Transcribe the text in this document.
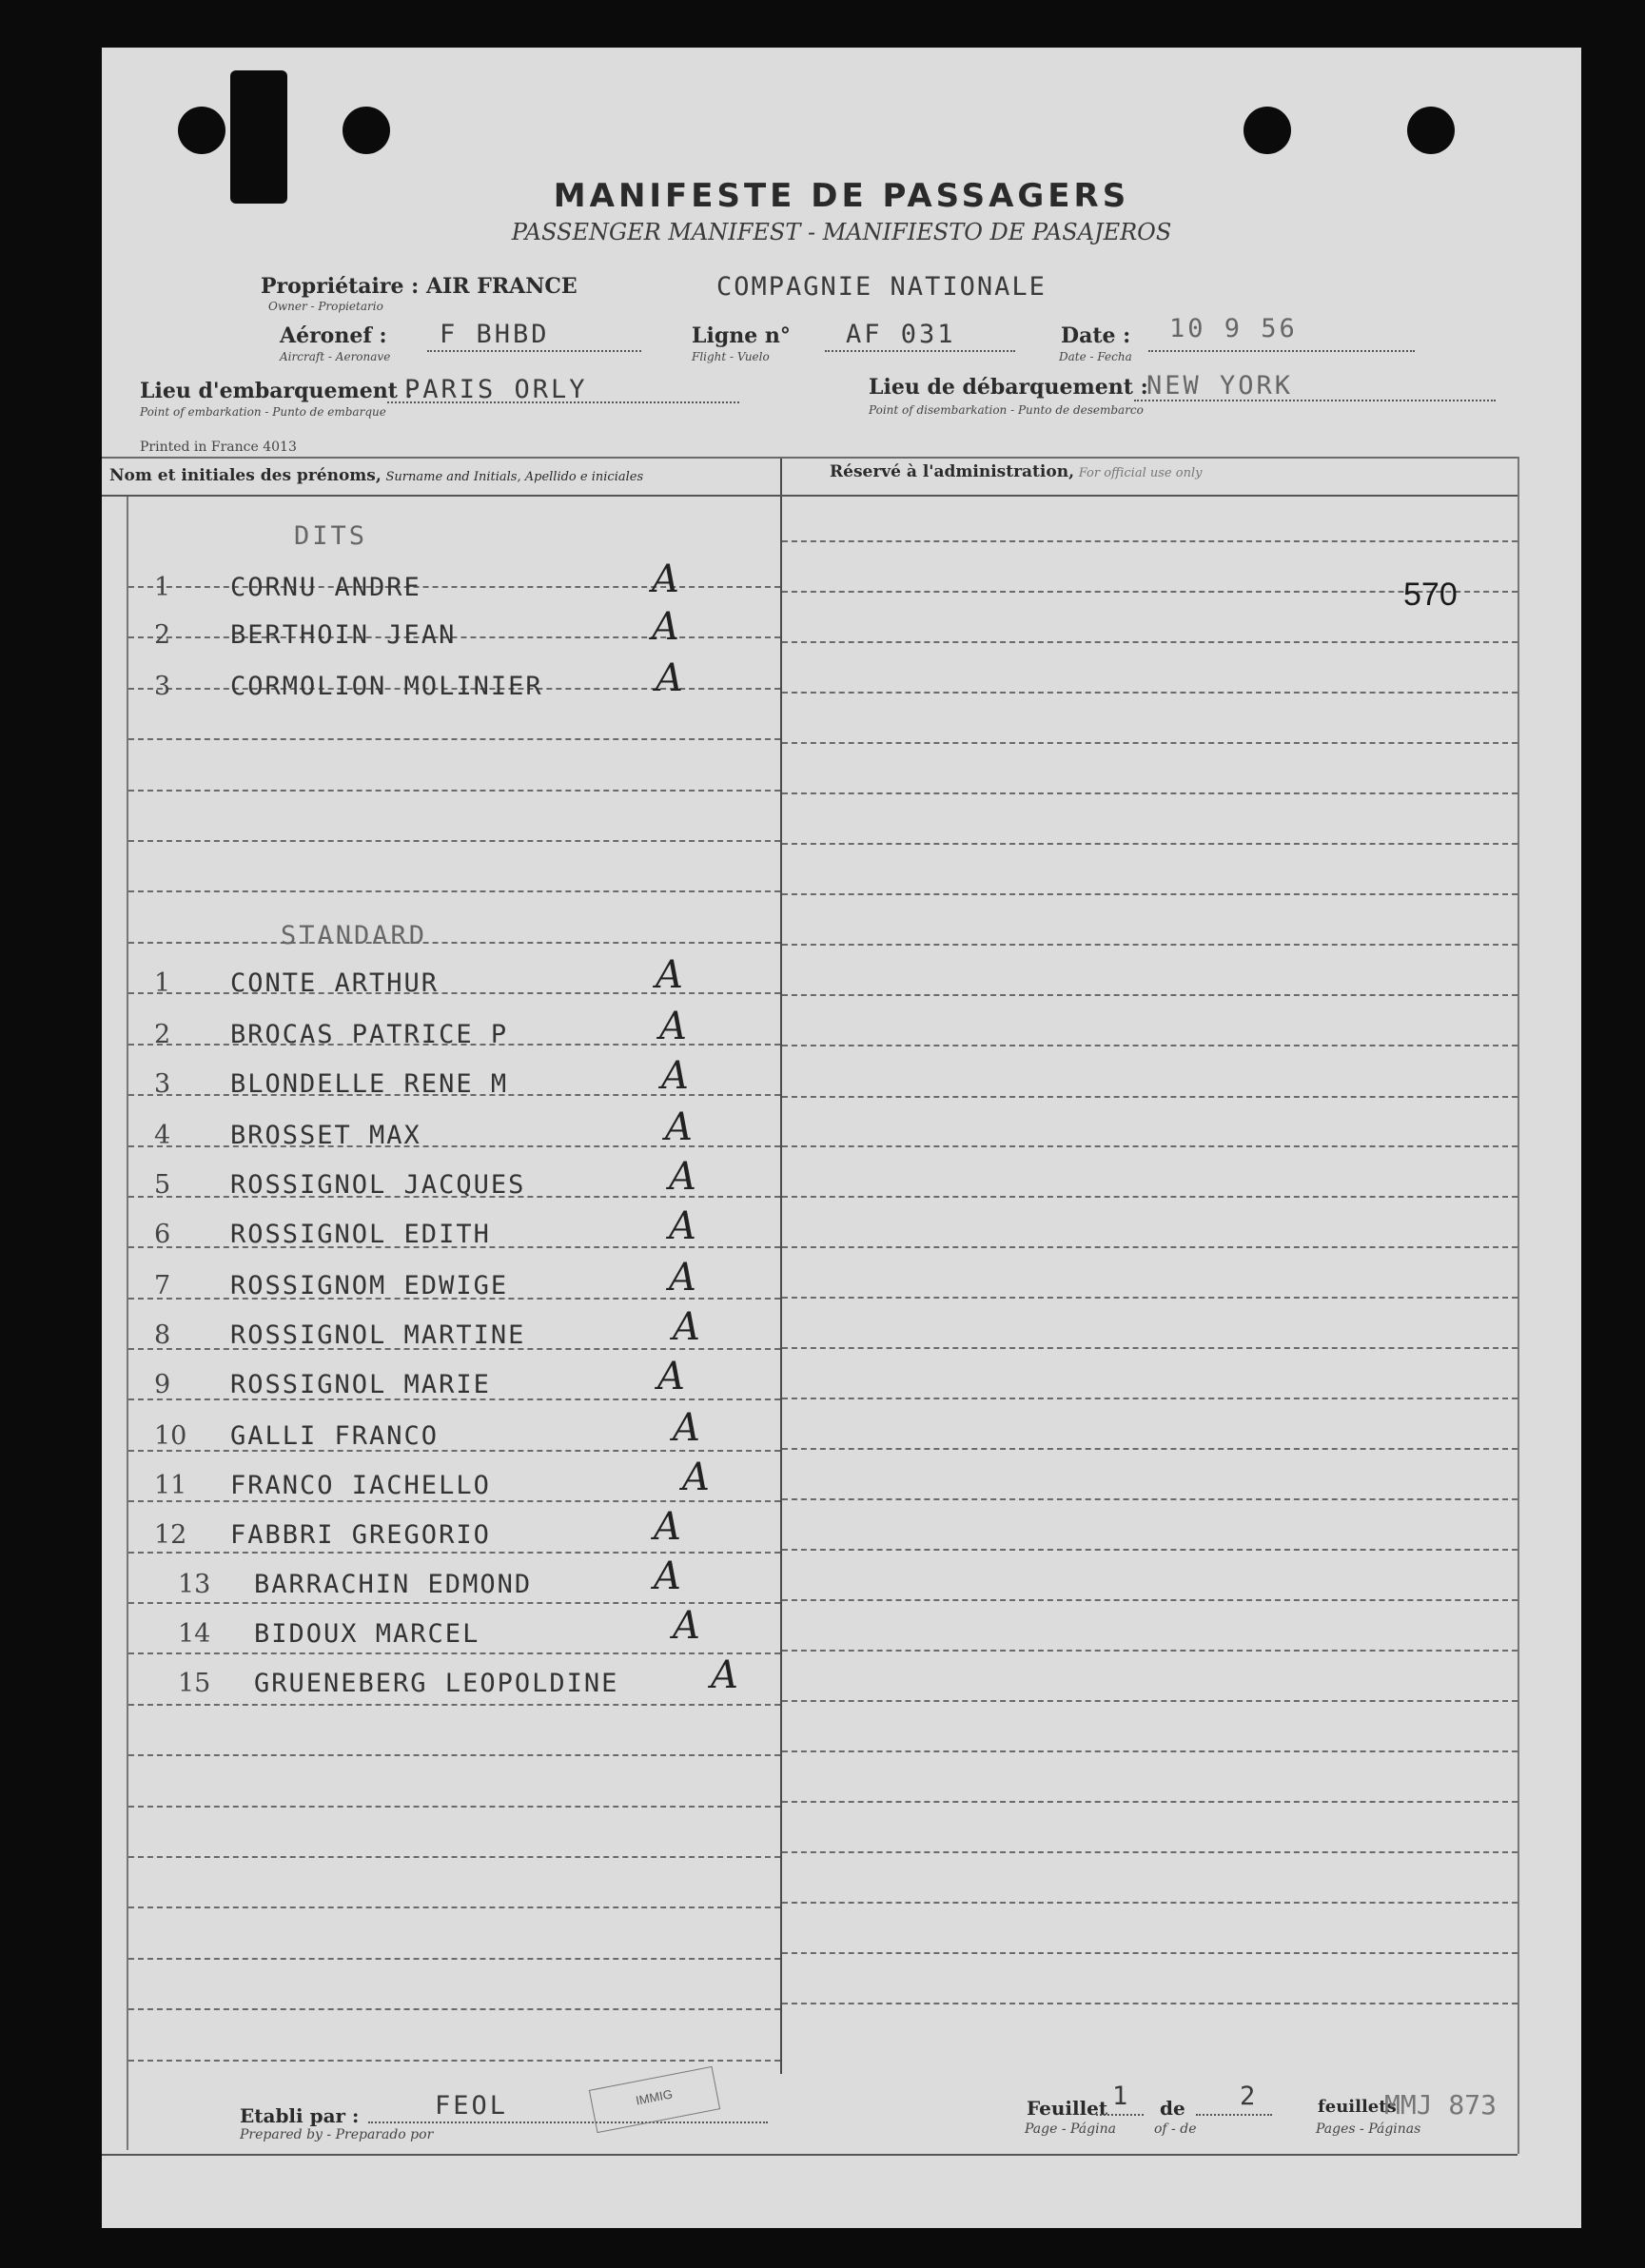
MANIFESTE DE PASSAGERS
PASSENGER MANIFEST - MANIFIESTO DE PASAJEROS
Propriétaire : AIR FRANCE	COMPAGNIE NATIONALE
Owner - Propietario
Aéronef : F BHBD
Aircraft - Aeronave
Ligne n° AF 031
Flight - Vuelo
Date : 10 9 56
Date - Fecha
Lieu d'embarquement :
PARIS ORLY
Point of embarkation - Punto de embarque
Lieu de débarquement :
NEW YORK
Point of disembarkation - Punto de desembarco
Printed in France 4013
Nom et initiales des prénoms, Surname and Initials, Apellido e iniciales	Réservé à l'administration, For official use only
570
DITS
STANDARD
1 CORNU ANDRE	A
2 BERTHOIN JEAN	A
3 CORMOLION MOLINIER	A
1 CONTE ARTHUR	A
2 BROCAS PATRICE P	A
3 BLONDELLE RENE M	A
4 BROSSET MAX	A
5 ROSSIGNOL JACQUES	A
6 ROSSIGNOL EDITH	A
7 ROSSIGNOM EDWIGE	A
8 ROSSIGNOL MARTINE	A
9 ROSSIGNOL MARIE	A
10 GALLI FRANCO	A
11 FRANCO IACHELLO	A
12 FABBRI GREGORIO	A
13 BARRACHIN EDMOND	A
14 BIDOUX MARCEL	A
15 GRUENEBERG LEOPOLDINE A
Etabli par :
Prepared by - Preparado por
FEOL	IMMIG	Feuillet
Page - Página
1 de
of - de
2	feuillets
Pages - Páginas
MMJ 873
